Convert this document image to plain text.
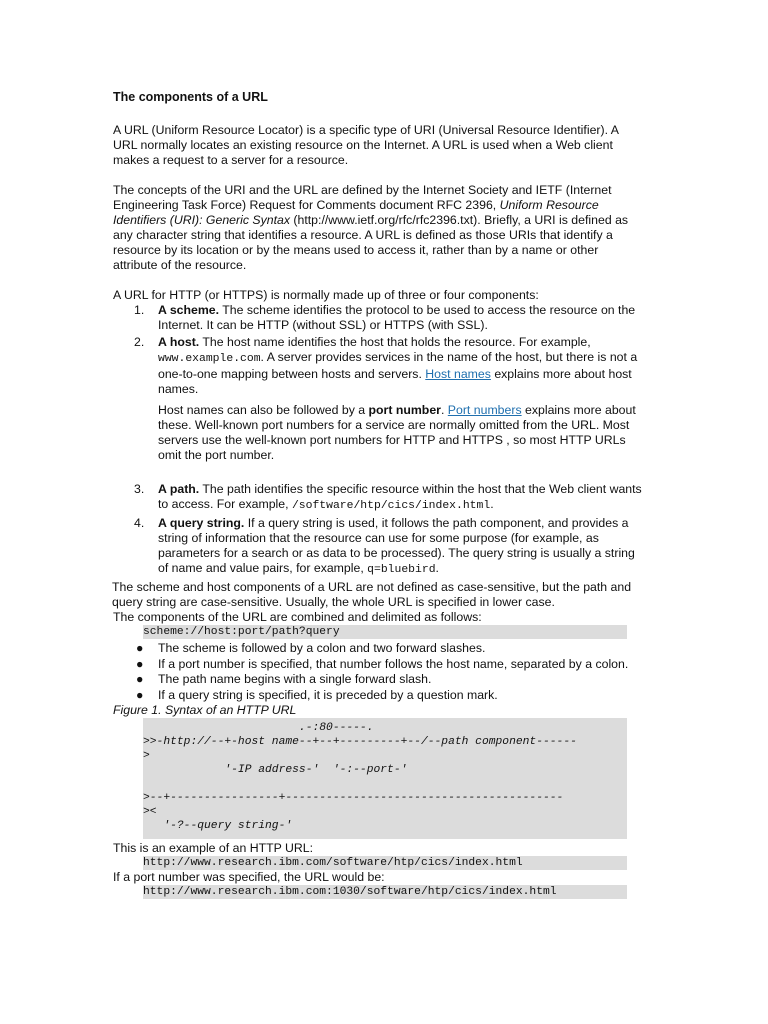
The components of a URL

A URL (Uniform Resource Locator) is a specific type of URI (Universal Resource Identifier). A URL normally locates an existing resource on the Internet. A URL is used when a Web client makes a request to a server for a resource.

The concepts of the URI and the URL are defined by the Internet Society and IETF (Internet Engineering Task Force) Request for Comments document RFC 2396, Uniform Resource Identifiers (URI): Generic Syntax (http://www.ietf.org/rfc/rfc2396.txt). Briefly, a URI is defined as any character string that identifies a resource. A URL is defined as those URIs that identify a resource by its location or by the means used to access it, rather than by a name or other attribute of the resource.

A URL for HTTP (or HTTPS) is normally made up of three or four components:

1. A scheme. The scheme identifies the protocol to be used to access the resource on the Internet. It can be HTTP (without SSL) or HTTPS (with SSL).
2. A host. The host name identifies the host that holds the resource. For example, www.example.com. A server provides services in the name of the host, but there is not a one-to-one mapping between hosts and servers. Host names explains more about host names.

Host names can also be followed by a port number. Port numbers explains more about these. Well-known port numbers for a service are normally omitted from the URL. Most servers use the well-known port numbers for HTTP and HTTPS , so most HTTP URLs omit the port number.

3. A path. The path identifies the specific resource within the host that the Web client wants to access. For example, /software/htp/cics/index.html.
4. A query string. If a query string is used, it follows the path component, and provides a string of information that the resource can use for some purpose (for example, as parameters for a search or as data to be processed). The query string is usually a string of name and value pairs, for example, q=bluebird.

The scheme and host components of a URL are not defined as case-sensitive, but the path and query string are case-sensitive. Usually, the whole URL is specified in lower case.

The components of the URL are combined and delimited as follows:

scheme://host:port/path?query
● The scheme is followed by a colon and two forward slashes.
● If a port number is specified, that number follows the host name, separated by a colon.
● The path name begins with a single forward slash.
● If a query string is specified, it is preceded by a question mark.

Figure 1. Syntax of an HTTP URL

.-:80-----.
>>-http://--+-host name--+--+---------+--/--path component------
>
'-IP address-'  '-:--port-'

>--+----------------+-----------------------------------------
><
'-?--query string-'

This is an example of an HTTP URL:

http://www.research.ibm.com/software/htp/cics/index.html

If a port number was specified, the URL would be:

http://www.research.ibm.com:1030/software/htp/cics/index.html
